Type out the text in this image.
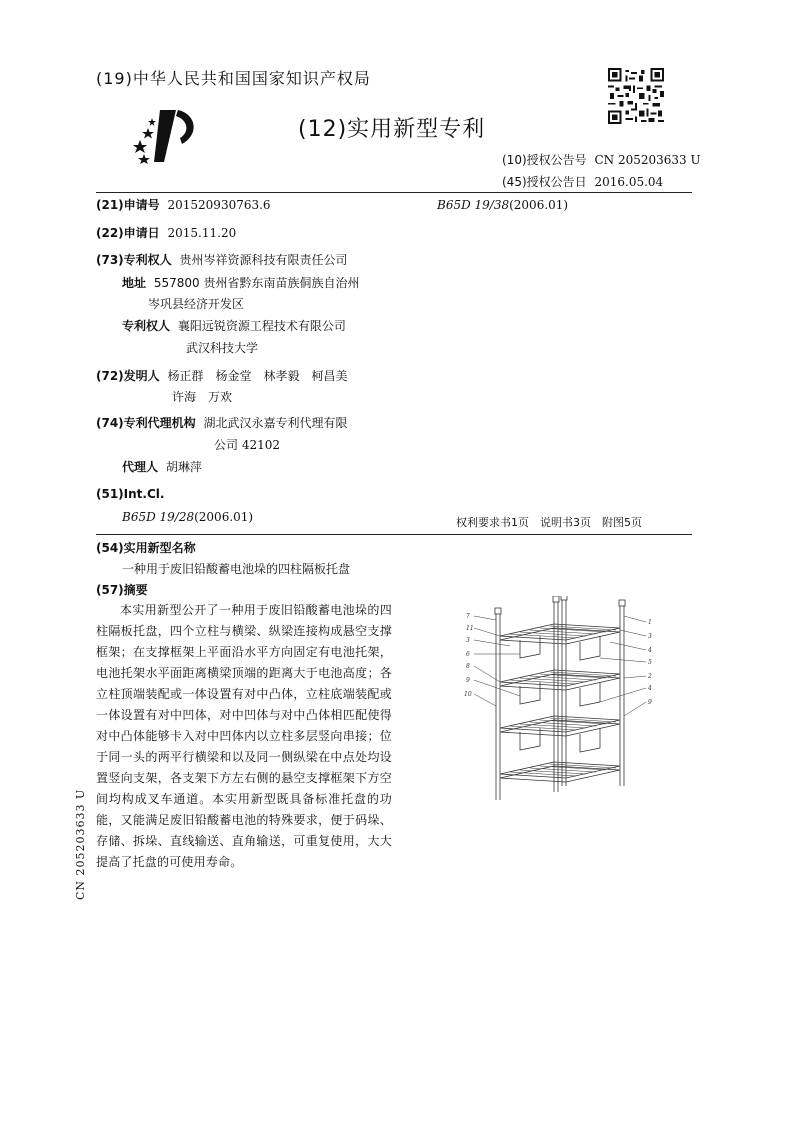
(19)中华人民共和国国家知识产权局
(12)实用新型专利
(10)授权公告号 CN 205203633 U
(45)授权公告日 2016.05.04
(21)申请号 201520930763.6	B65D 19/38(2006.01)
(22)申请日 2015.11.20
(73)专利权人 贵州岑祥资源科技有限责任公司
地址 557800 贵州省黔东南苗族侗族自治州
岑巩县经济开发区
专利权人 襄阳远锐资源工程技术有限公司
武汉科技大学
(72)发明人 杨正群　杨金堂　林孝毅　柯昌美
许海　万欢
(74)专利代理机构 湖北武汉永嘉专利代理有限
公司 42102
代理人 胡琳萍
(51)Int.Cl.
B65D 19/28(2006.01)	权利要求书1页　说明书3页　附图5页
(54)实用新型名称
一种用于废旧铅酸蓄电池垛的四柱隔板托盘
(57)摘要
本实用新型公开了一种用于废旧铅酸蓄电池垛的四柱隔板托盘，四个立柱与横梁、纵梁连接构成悬空支撑框架；在支撑框架上平面沿水平方向固定有电池托架，电池托架水平面距离横梁顶端的距离大于电池高度；各立柱顶端装配或一体设置有对中凸体，立柱底端装配或一体设置有对中凹体，对中凹体与对中凸体相匹配使得对中凸体能够卡入对中凹体内以立柱多层竖向串接；位于同一头的两平行横梁和以及同一侧纵梁在中点处均设置竖向支架，各支架下方左右侧的悬空支撑框架下方空间均构成叉车通道。本实用新型既具备标准托盘的功能，又能满足废旧铅酸蓄电池的特殊要求，便于码垛、存储、拆垛、直线输送、直角输送，可重复使用，大大提高了托盘的可使用寿命。
CN 205203633 U
7
11
3
6
8
9
10
1
3
4
5
2
4
9
